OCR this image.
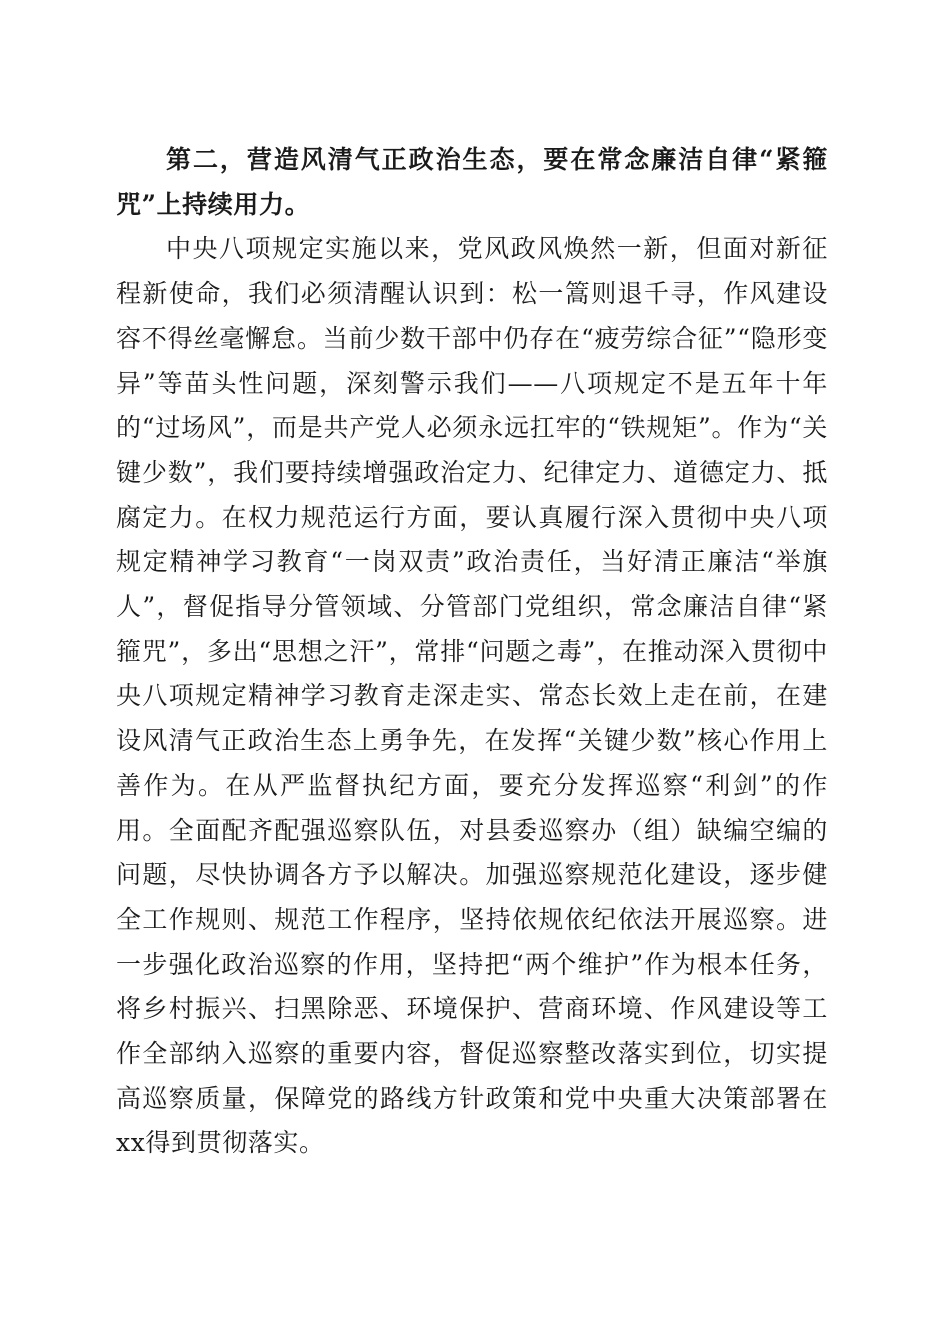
第二，营造风清气正政治生态，要在常念廉洁自律“紧箍咒”上持续用力。

中央八项规定实施以来，党风政风焕然一新，但面对新征程新使命，我们必须清醒认识到：松一篙则退千寻，作风建设容不得丝毫懈怠。当前少数干部中仍存在“疲劳综合征”“隐形变异”等苗头性问题，深刻警示我们——八项规定不是五年十年的“过场风”，而是共产党人必须永远扛牢的“铁规矩”。作为“关键少数”，我们要持续增强政治定力、纪律定力、道德定力、抵腐定力。在权力规范运行方面，要认真履行深入贯彻中央八项规定精神学习教育“一岗双责”政治责任，当好清正廉洁“举旗人”，督促指导分管领域、分管部门党组织，常念廉洁自律“紧箍咒”，多出“思想之汗”，常排“问题之毒”，在推动深入贯彻中央八项规定精神学习教育走深走实、常态长效上走在前，在建设风清气正政治生态上勇争先，在发挥“关键少数”核心作用上善作为。在从严监督执纪方面，要充分发挥巡察“利剑”的作用。全面配齐配强巡察队伍，对县委巡察办（组）缺编空编的问题，尽快协调各方予以解决。加强巡察规范化建设，逐步健全工作规则、规范工作程序，坚持依规依纪依法开展巡察。进一步强化政治巡察的作用，坚持把“两个维护”作为根本任务，将乡村振兴、扫黑除恶、环境保护、营商环境、作风建设等工作全部纳入巡察的重要内容，督促巡察整改落实到位，切实提高巡察质量，保障党的路线方针政策和党中央重大决策部署在xx得到贯彻落实。
